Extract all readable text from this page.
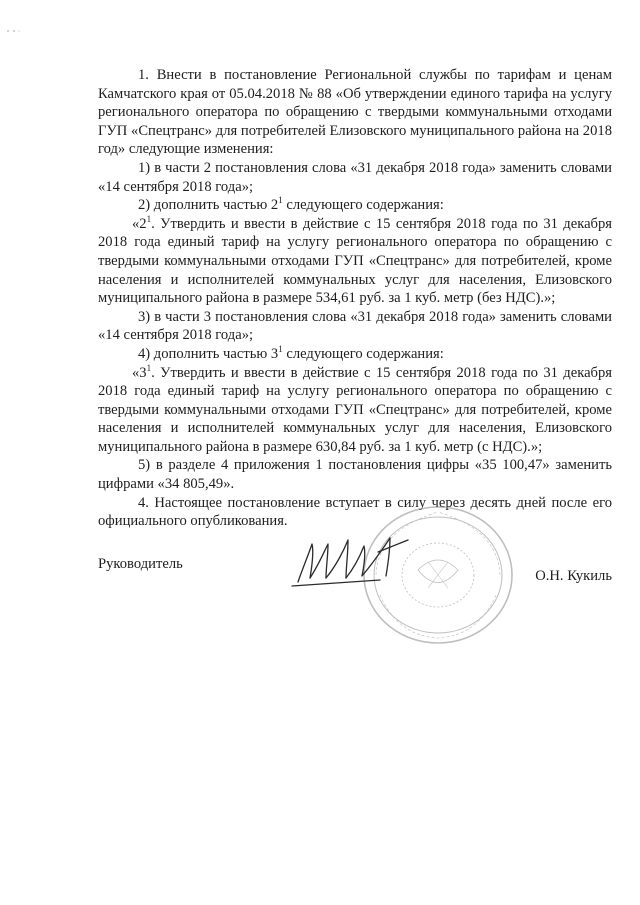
1. Внести в постановление Региональной службы по тарифам и ценам Камчатского края от 05.04.2018 № 88 «Об утверждении единого тарифа на услугу регионального оператора по обращению с твердыми коммунальными отходами ГУП «Спецтранс» для потребителей Елизовского муниципального района на 2018 год» следующие изменения:

1) в части 2 постановления слова «31 декабря 2018 года» заменить словами «14 сентября 2018 года»;

2) дополнить частью $2^1$ следующего содержания:

«$2^1$. Утвердить и ввести в действие с 15 сентября 2018 года по 31 декабря 2018 года единый тариф на услугу регионального оператора по обращению с твердыми коммунальными отходами ГУП «Спецтранс» для потребителей, кроме населения и исполнителей коммунальных услуг для населения, Елизовского муниципального района в размере 534,61 руб. за 1 куб. метр (без НДС).»;

3) в части 3 постановления слова «31 декабря 2018 года» заменить словами «14 сентября 2018 года»;

4) дополнить частью $3^1$ следующего содержания:

«$3^1$. Утвердить и ввести в действие с 15 сентября 2018 года по 31 декабря 2018 года единый тариф на услугу регионального оператора по обращению с твердыми коммунальными отходами ГУП «Спецтранс» для потребителей, кроме населения и исполнителей коммунальных услуг для населения, Елизовского муниципального района в размере 630,84 руб. за 1 куб. метр (с НДС).»;

5) в разделе 4 приложения 1 постановления цифры «35 100,47» заменить цифрами «34 805,49».

4. Настоящее постановление вступает в силу через десять дней после его официального опубликования.

Руководитель
О.Н. Кукиль
